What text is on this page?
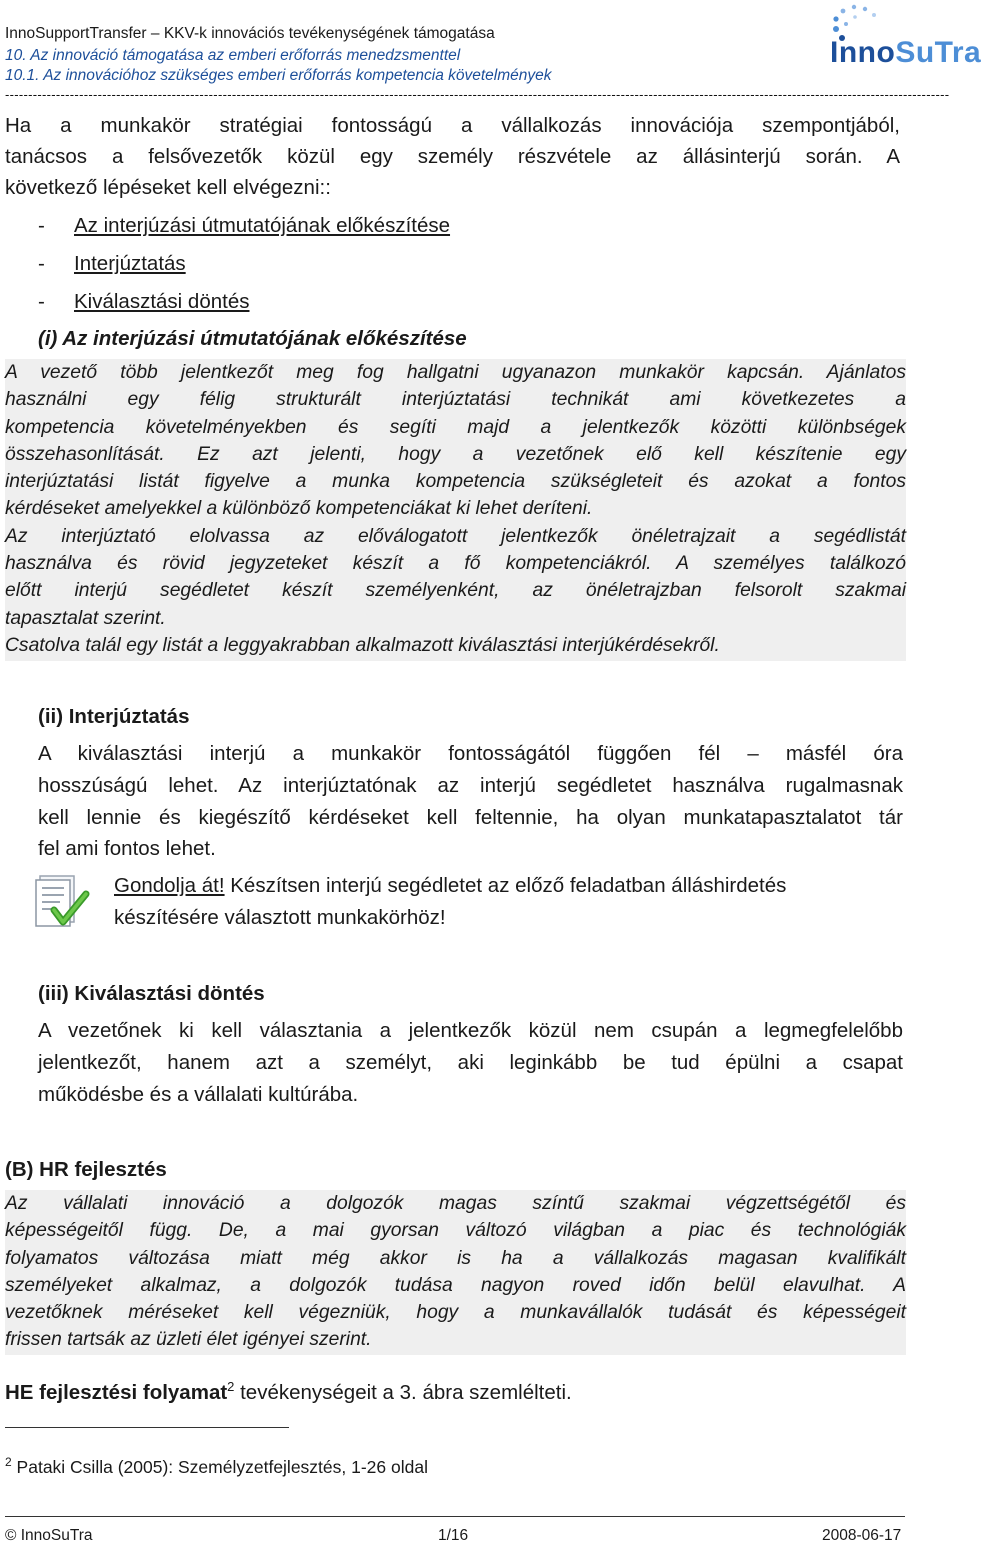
InnoSupportTransfer – KKV-k innovációs tevékenységének támogatása
10. Az innováció támogatása az emberi erőforrás menedzsmenttel
10.1. Az innovációhoz szükséges emberi erőforrás kompetencia követelmények
------------------------------------------------------------------------------------------------------------------------------------------------------------------------------------------------------------
InnoSuTra
Ha a munkakör stratégiai fontosságú a vállalkozás innovációja szempontjából,
tanácsos a felsővezetők közül egy személy részvétele az állásinterjú során. A
következő lépéseket kell elvégezni::
- Az interjúzási útmutatójának előkészítése
- Interjúztatás
- Kiválasztási döntés
(i) Az interjúzási útmutatójának előkészítése
A vezető több jelentkezőt meg fog hallgatni ugyanazon munkakör kapcsán. Ajánlatos
használni egy félig strukturált interjúztatási technikát ami következetes a
kompetencia követelményekben és segíti majd a jelentkezők közötti különbségek
összehasonlítását. Ez azt jelenti, hogy a vezetőnek elő kell készítenie egy
interjúztatási listát figyelve a munka kompetencia szükségleteit és azokat a fontos
kérdéseket amelyekkel a különböző kompetenciákat ki lehet deríteni.
Az interjúztató elolvassa az előválogatott jelentkezők önéletrajzait a segédlistát
használva és rövid jegyzeteket készít a fő kompetenciákról. A személyes találkozó
előtt interjú segédletet készít személyenként, az önéletrajzban felsorolt szakmai
tapasztalat szerint.
Csatolva talál egy listát a leggyakrabban alkalmazott kiválasztási interjúkérdésekről.
(ii) Interjúztatás
A kiválasztási interjú a munkakör fontosságától függően fél – másfél óra
hosszúságú lehet. Az interjúztatónak az interjú segédletet használva rugalmasnak
kell lennie és kiegészítő kérdéseket kell feltennie, ha olyan munkatapasztalatot tár
fel ami fontos lehet.
Gondolja át! Készítsen interjú segédletet az előző feladatban álláshirdetés
készítésére választott munkakörhöz!
(iii) Kiválasztási döntés
A vezetőnek ki kell választania a jelentkezők közül nem csupán a legmegfelelőbb
jelentkezőt, hanem azt a személyt, aki leginkább be tud épülni a csapat
működésbe és a vállalati kultúrába.
(B) HR fejlesztés
Az vállalati innováció a dolgozók magas színtű szakmai végzettségétől és
képességeitől függ. De, a mai gyorsan változó világban a piac és technológiák
folyamatos változása miatt még akkor is ha a vállalkozás magasan kvalifikált
személyeket alkalmaz, a dolgozók tudása nagyon roved időn belül elavulhat. A
vezetőknek méréseket kell végezniük, hogy a munkavállalók tudását és képességeit
frissen tartsák az üzleti élet igényei szerint.
HE fejlesztési folyamat$^2$ tevékenységeit a 3. ábra szemlélteti.
$^2$ Pataki Csilla (2005): Személyzetfejlesztés, 1-26 oldal
© InnoSuTra	1/16	2008-06-17
